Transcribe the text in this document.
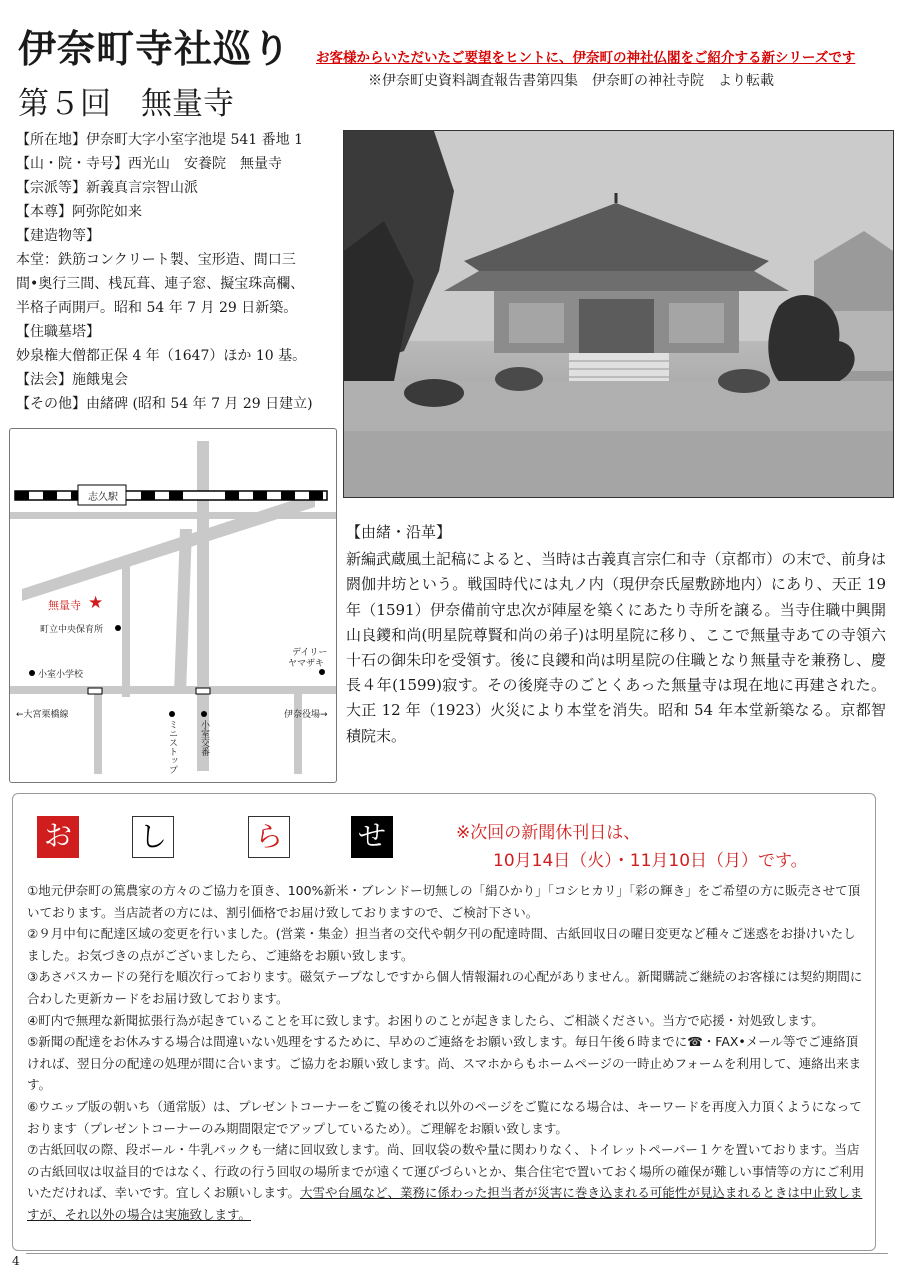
伊奈町寺社巡り お客様からいただいたご要望をヒントに、伊奈町の神社仏閣をご紹介する新シリーズです
第５回 無量寺
※伊奈町史資料調査報告書第四集　伊奈町の神社寺院　より転載
【所在地】伊奈町大字小室字池堤 541 番地 1
【山・院・寺号】西光山　安養院　無量寺
【宗派等】新義真言宗智山派
【本尊】阿弥陀如来
【建造物等】
本堂：鉄筋コンクリート製、宝形造、間口三
間•奥行三間、桟瓦葺、連子窓、擬宝珠高欄、
半格子両開戸。昭和 54 年 7 月 29 日新築。
【住職墓塔】
妙泉権大僧都正保 4 年（1647）ほか 10 基。
【法会】施餓鬼会
【その他】由緒碑 (昭和 54 年 7 月 29 日建立)
志久駅
無量寺 ★
町立中央保育所
小室小学校
デイリー
ヤマザキ
←大宮栗橋線	伊奈役場→
ミニストップ 小室交番
【由緒・沿革】
新編武蔵風土記稿によると、当時は古義真言宗仁和寺（京都市）の末で、前身は閼伽井坊という。戦国時代には丸ノ内（現伊奈氏屋敷跡地内）にあり、天正 19 年（1591）伊奈備前守忠次が陣屋を築くにあたり寺所を譲る。当寺住職中興開山良鑁和尚(明星院尊賢和尚の弟子)は明星院に移り、ここで無量寺あての寺領六十石の御朱印を受領す。後に良鑁和尚は明星院の住職となり無量寺を兼務し、慶長４年(1599)寂す。その後廃寺のごとくあった無量寺は現在地に再建された。大正 12 年（1923）火災により本堂を消失。昭和 54 年本堂新築なる。京都智積院末。
お し	ら	せ	※次回の新聞休刊日は、
10月14日（火）・11月10日（月）です。

①地元伊奈町の篤農家の方々のご協力を頂き、100%新米・ブレンドー切無しの「絹ひかり」「コシヒカリ」「彩の輝き」をご希望の方に販売させて頂いております。当店読者の方には、割引価格でお届け致しておりますので、ご検討下さい。

②９月中旬に配達区域の変更を行いました。(営業・集金）担当者の交代や朝夕刊の配達時間、古紙回収日の曜日変更など種々ご迷惑をお掛けいたしました。お気づきの点がございましたら、ご連絡をお願い致します。

③あさパスカードの発行を順次行っております。磁気テープなしですから個人情報漏れの心配がありません。新聞購読ご継続のお客様には契約期間に合わした更新カードをお届け致しております。

④町内で無理な新聞拡張行為が起きていることを耳に致します。お困りのことが起きましたら、ご相談ください。当方で応援・対処致します。

⑤新聞の配達をお休みする場合は間違いない処理をするために、早めのご連絡をお願い致します。毎日午後６時までに☎・FAX•メール等でご連絡頂ければ、翌日分の配達の処理が間に合います。ご協力をお願い致します。尚、スマホからもホームページの一時止めフォームを利用して、連絡出来ます。

⑥ウエッブ版の朝いち（通常版）は、プレゼントコーナーをご覧の後それ以外のページをご覧になる場合は、キーワードを再度入力頂くようになっております（プレゼントコーナーのみ期間限定でアップしているため）。ご理解をお願い致します。

⑦古紙回収の際、段ボール・牛乳パックも一緒に回収致します。尚、回収袋の数や量に関わりなく、トイレットペーパー１ケを置いております。当店の古紙回収は収益目的ではなく、行政の行う回収の場所までが遠くて運びづらいとか、集合住宅で置いておく場所の確保が難しい事情等の方にご利用いただければ、幸いです。宜しくお願いします。大雪や台風など、業務に係わった担当者が災害に巻き込まれる可能性が見込まれるときは中止致しますが、それ以外の場合は実施致します。

4
